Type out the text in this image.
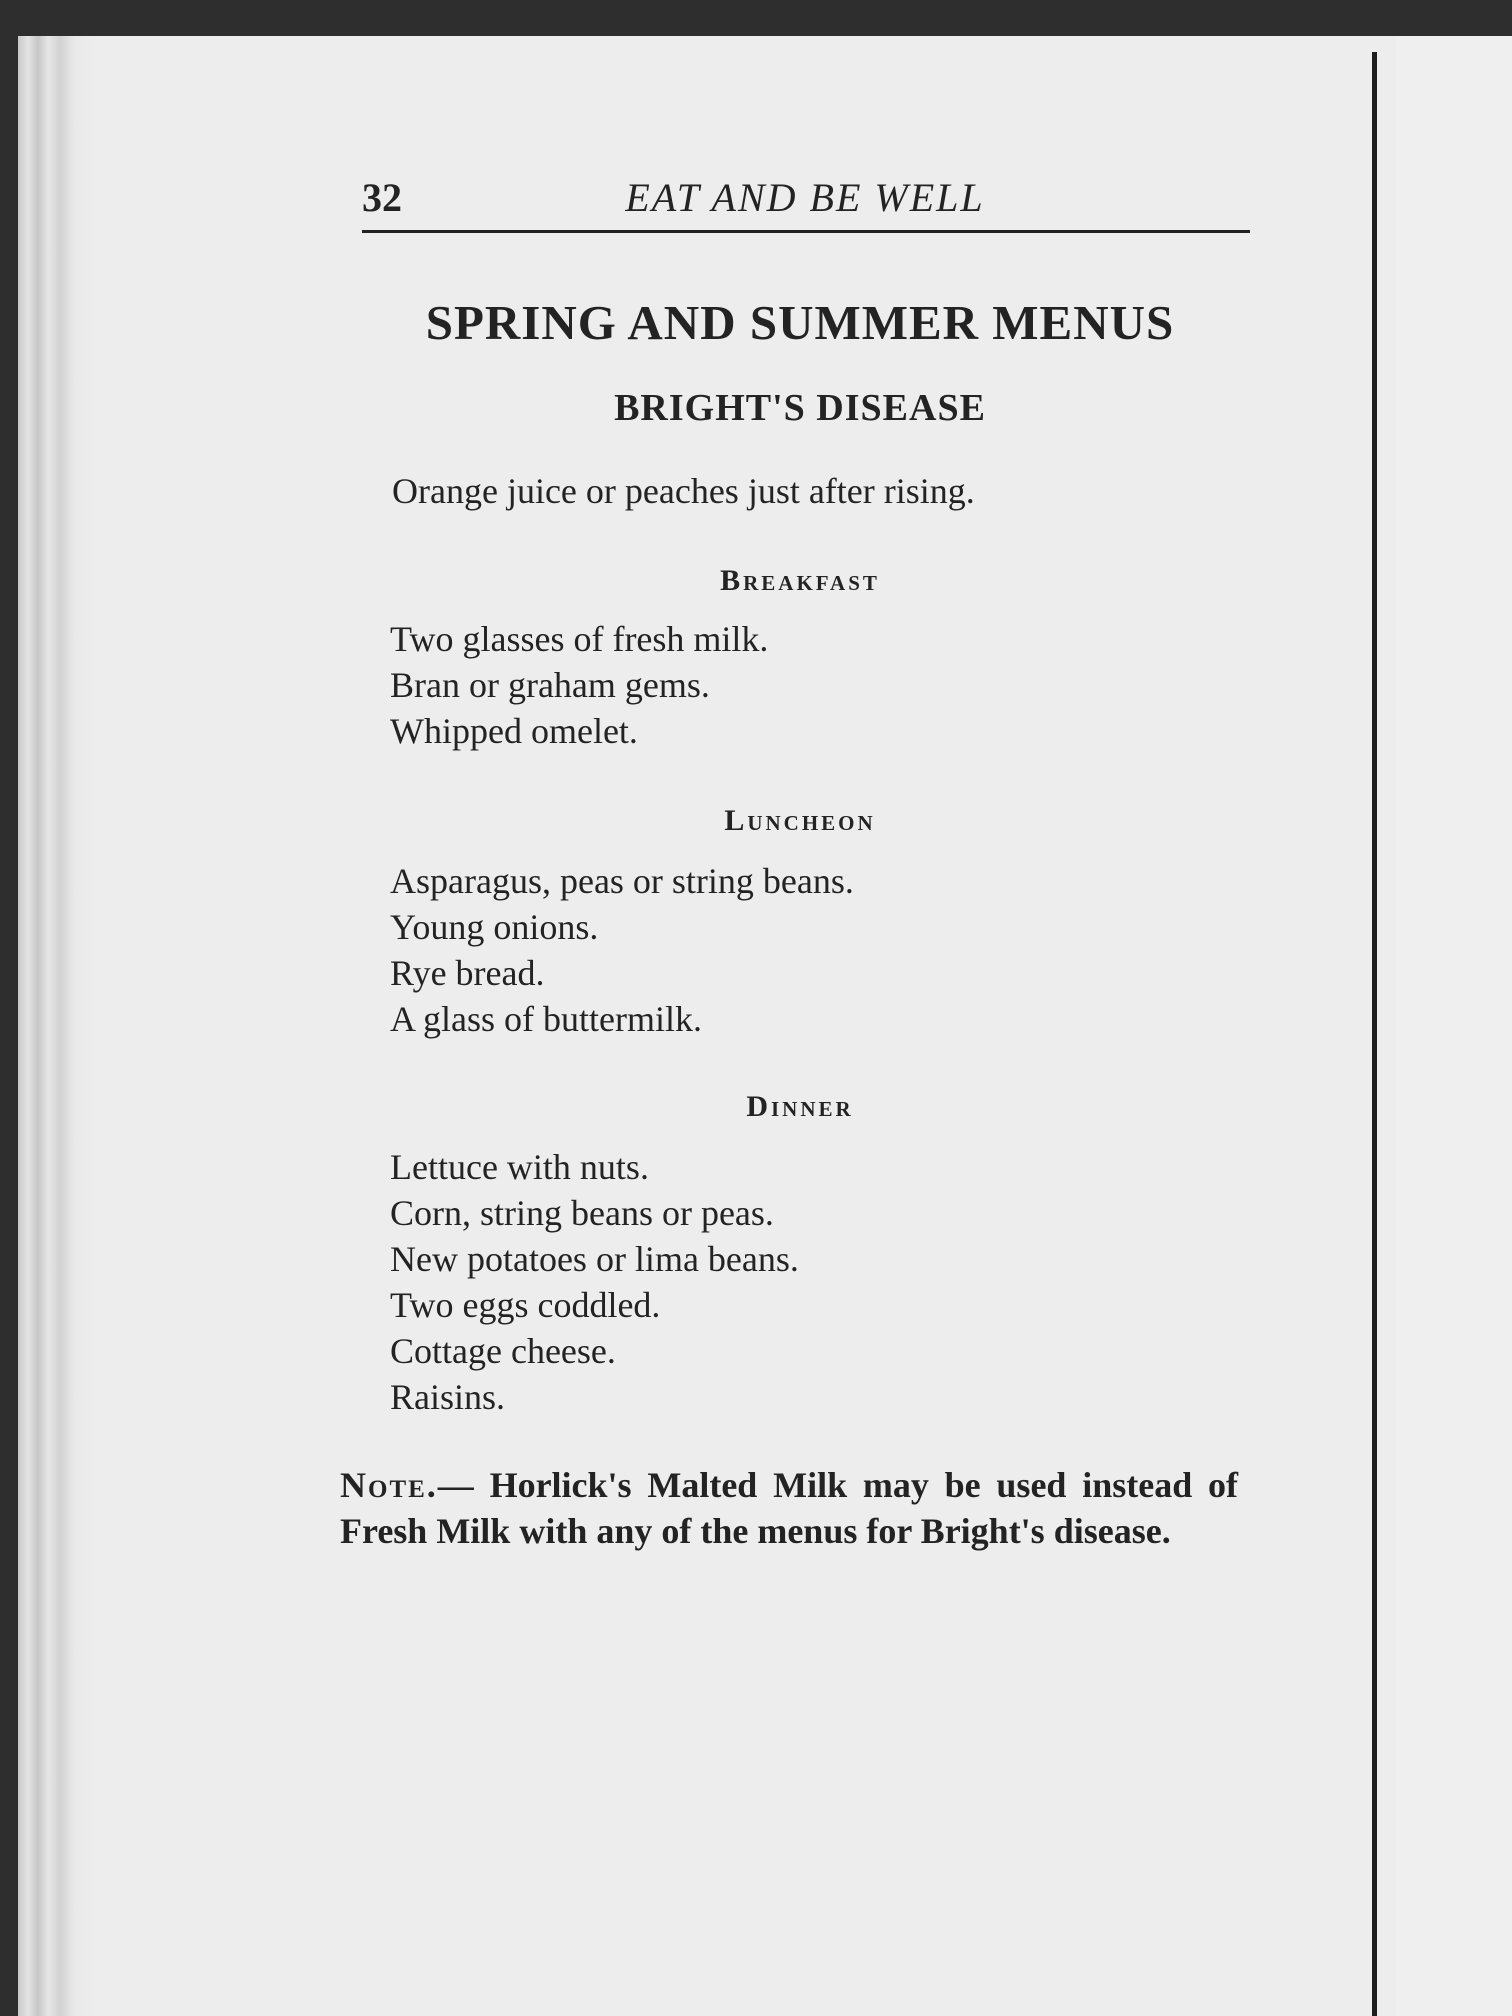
32	EAT AND BE WELL
SPRING AND SUMMER MENUS
BRIGHT'S DISEASE

Orange juice or peaches just after rising.

Breakfast
Two glasses of fresh milk.
Bran or graham gems.
Whipped omelet.
Luncheon
Asparagus, peas or string beans.
Young onions.
Rye bread.
A glass of buttermilk.
Dinner
Lettuce with nuts.
Corn, string beans or peas.
New potatoes or lima beans.
Two eggs coddled.
Cottage cheese.
Raisins.

Note.— Horlick's Malted Milk may be used instead of Fresh Milk with any of the menus for Bright's disease.
